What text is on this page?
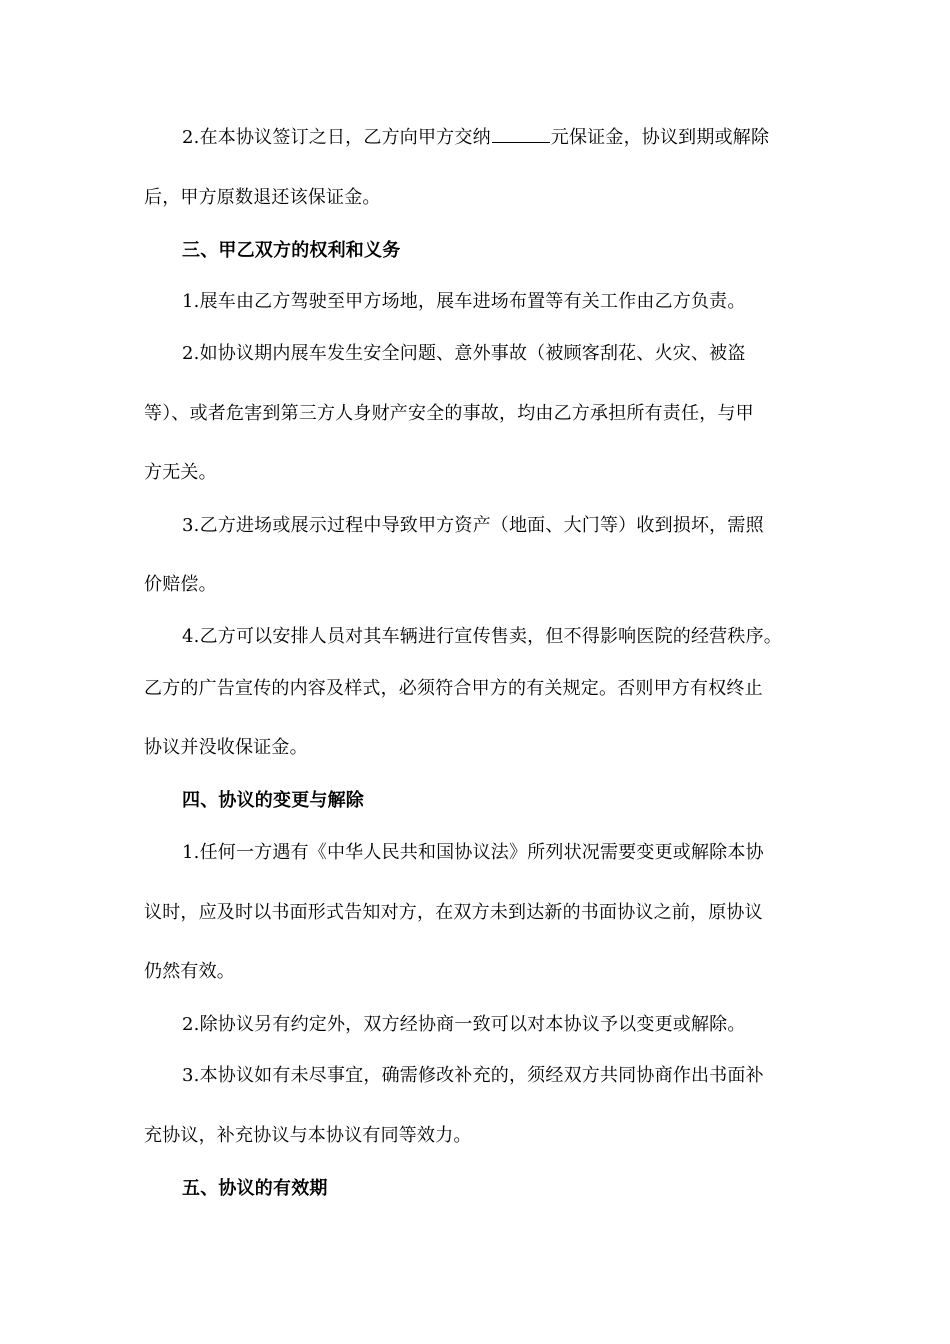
2.在本协议签订之日，乙方向甲方交纳	元保证金，协议到期或解除
后，甲方原数退还该保证金。
三、甲乙双方的权利和义务
1.展车由乙方驾驶至甲方场地，展车进场布置等有关工作由乙方负责。
2.如协议期内展车发生安全问题、意外事故（被顾客刮花、火灾、被盗
等）、或者危害到第三方人身财产安全的事故，均由乙方承担所有责任，与甲
方无关。
3.乙方进场或展示过程中导致甲方资产（地面、大门等）收到损坏，需照
价赔偿。
4.乙方可以安排人员对其车辆进行宣传售卖，但不得影响医院的经营秩序。
乙方的广告宣传的内容及样式，必须符合甲方的有关规定。否则甲方有权终止
协议并没收保证金。
四、协议的变更与解除
1.任何一方遇有《中华人民共和国协议法》所列状况需要变更或解除本协
议时，应及时以书面形式告知对方，在双方未到达新的书面协议之前，原协议
仍然有效。
2.除协议另有约定外，双方经协商一致可以对本协议予以变更或解除。
3.本协议如有未尽事宜，确需修改补充的，须经双方共同协商作出书面补
充协议，补充协议与本协议有同等效力。
五、协议的有效期
